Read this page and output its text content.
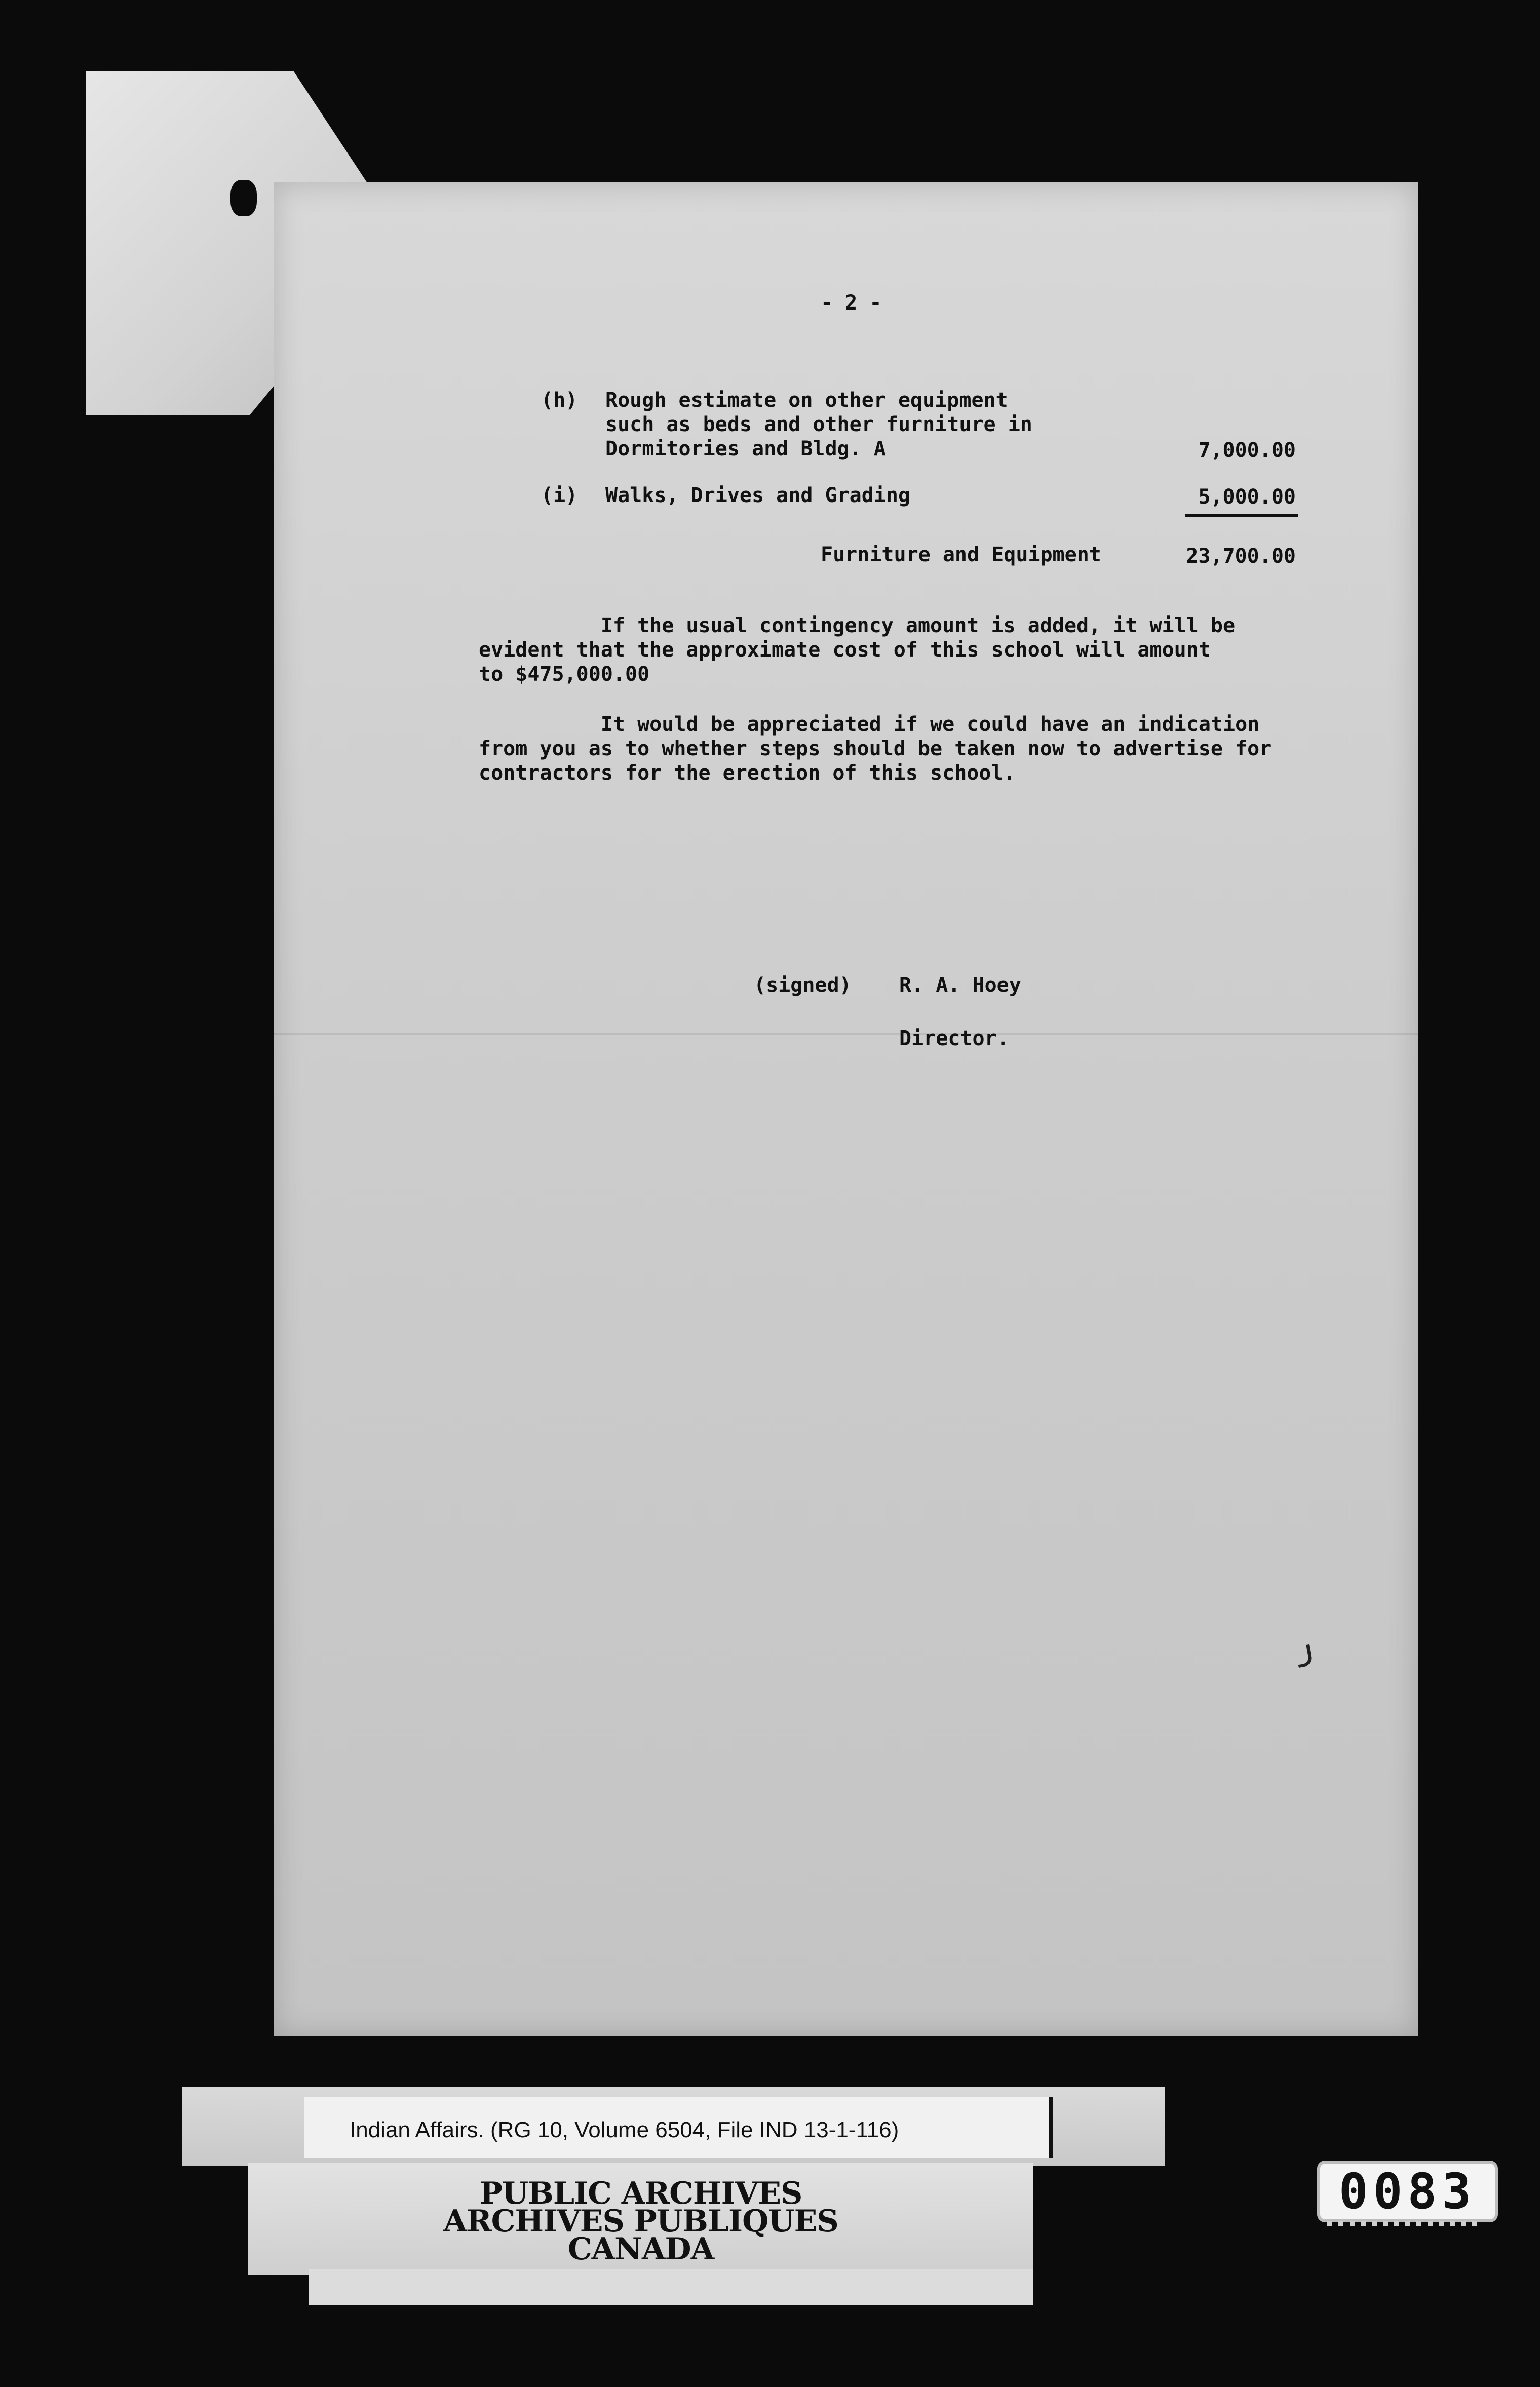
- 2 -
(h) Rough estimate on other equipment
such as beds and other furniture in
Dormitories and Bldg. A	7,000.00
(i) Walks, Drives and Grading	5,000.00
Furniture and Equipment	23,700.00
If the usual contingency amount is added, it will be
evident that the approximate cost of this school will amount
to $475,000.00
It would be appreciated if we could have an indication
from you as to whether steps should be taken now to advertise for
contractors for the erection of this school.
(signed) R. A. Hoey
Director.
Indian Affairs. (RG 10, Volume 6504, File IND 13-1-116)
PUBLIC ARCHIVES
ARCHIVES PUBLIQUES
CANADA
0083
